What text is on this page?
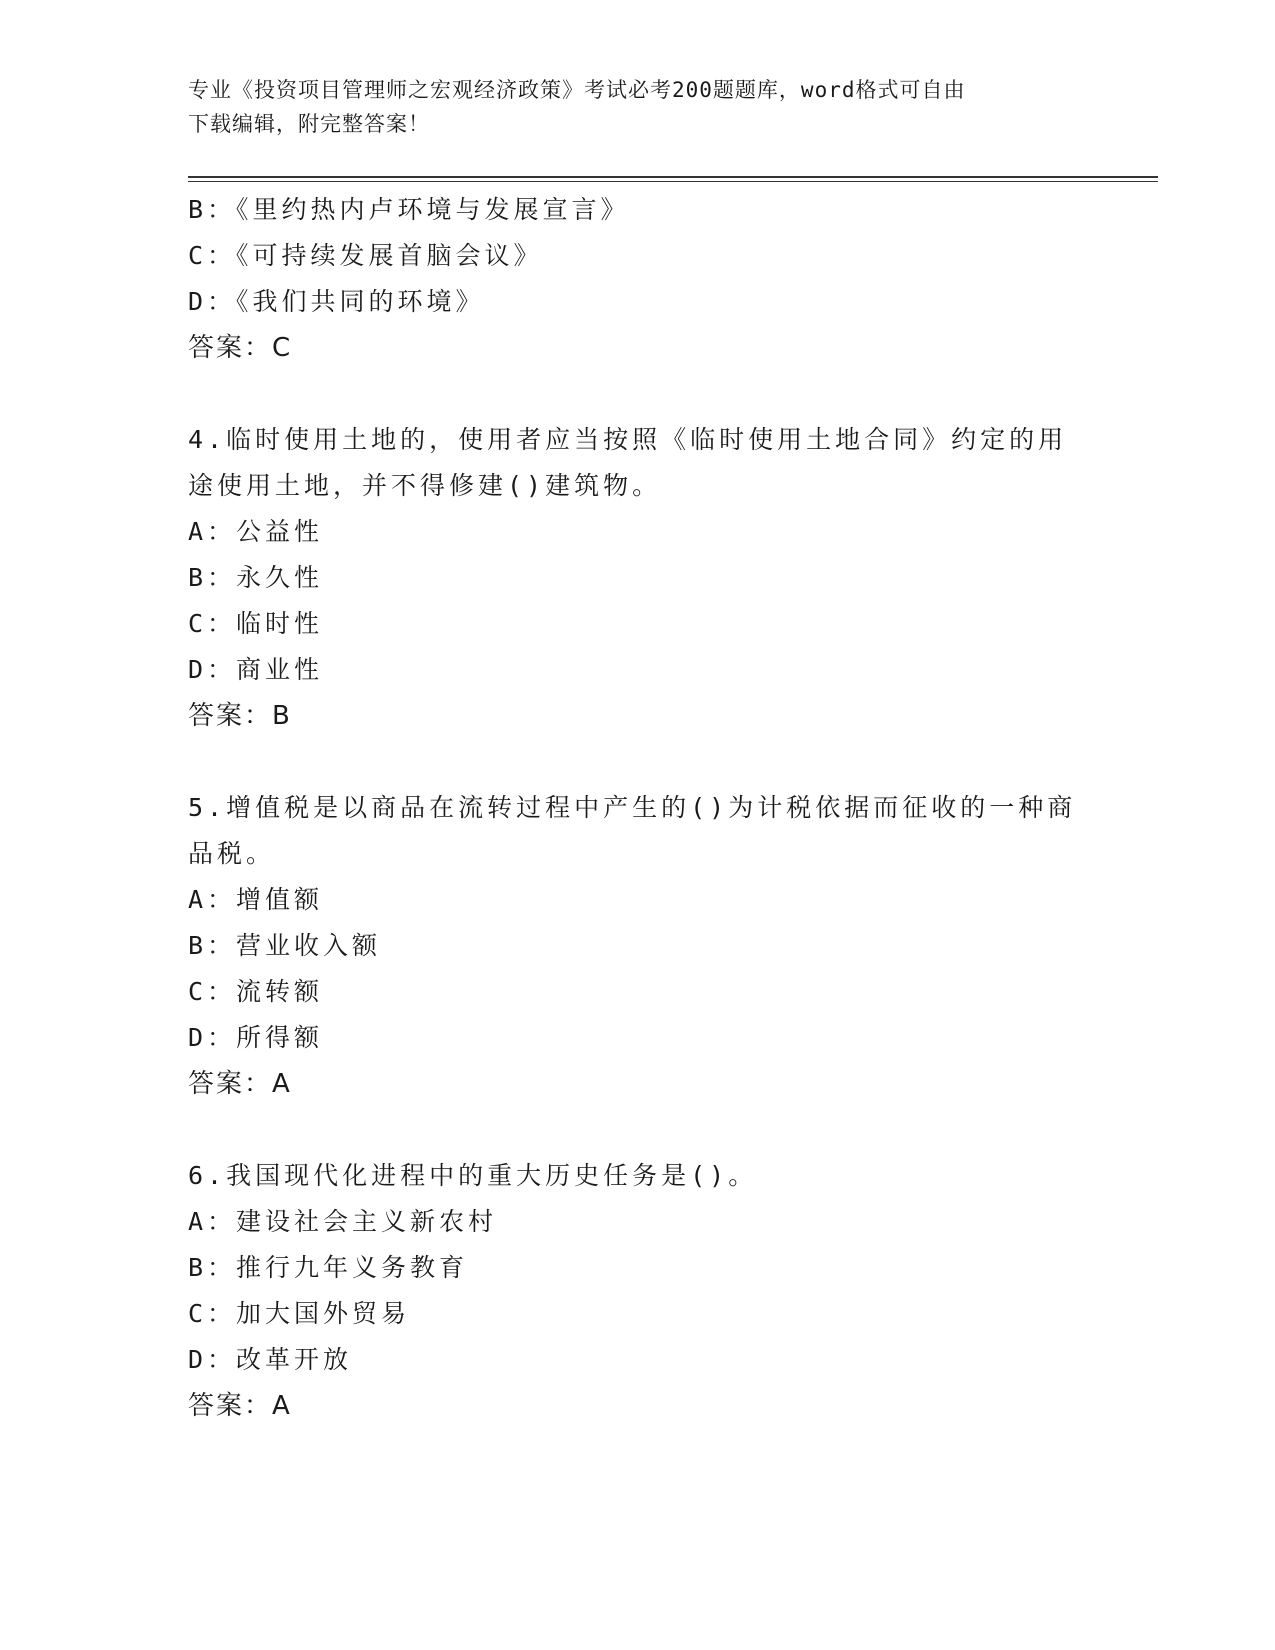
专业《投资项目管理师之宏观经济政策》考试必考200题题库，word格式可自由
下载编辑，附完整答案！
B：《里约热内卢环境与发展宣言》
C：《可持续发展首脑会议》
D：《我们共同的环境》
答案：C
4.临时使用土地的，使用者应当按照《临时使用土地合同》约定的用
途使用土地，并不得修建()建筑物。
A：公益性
B：永久性
C：临时性
D：商业性
答案：B
5.增值税是以商品在流转过程中产生的()为计税依据而征收的一种商
品税。
A：增值额
B：营业收入额
C：流转额
D：所得额
答案：A
6.我国现代化进程中的重大历史任务是()。
A：建设社会主义新农村
B：推行九年义务教育
C：加大国外贸易
D：改革开放
答案：A
